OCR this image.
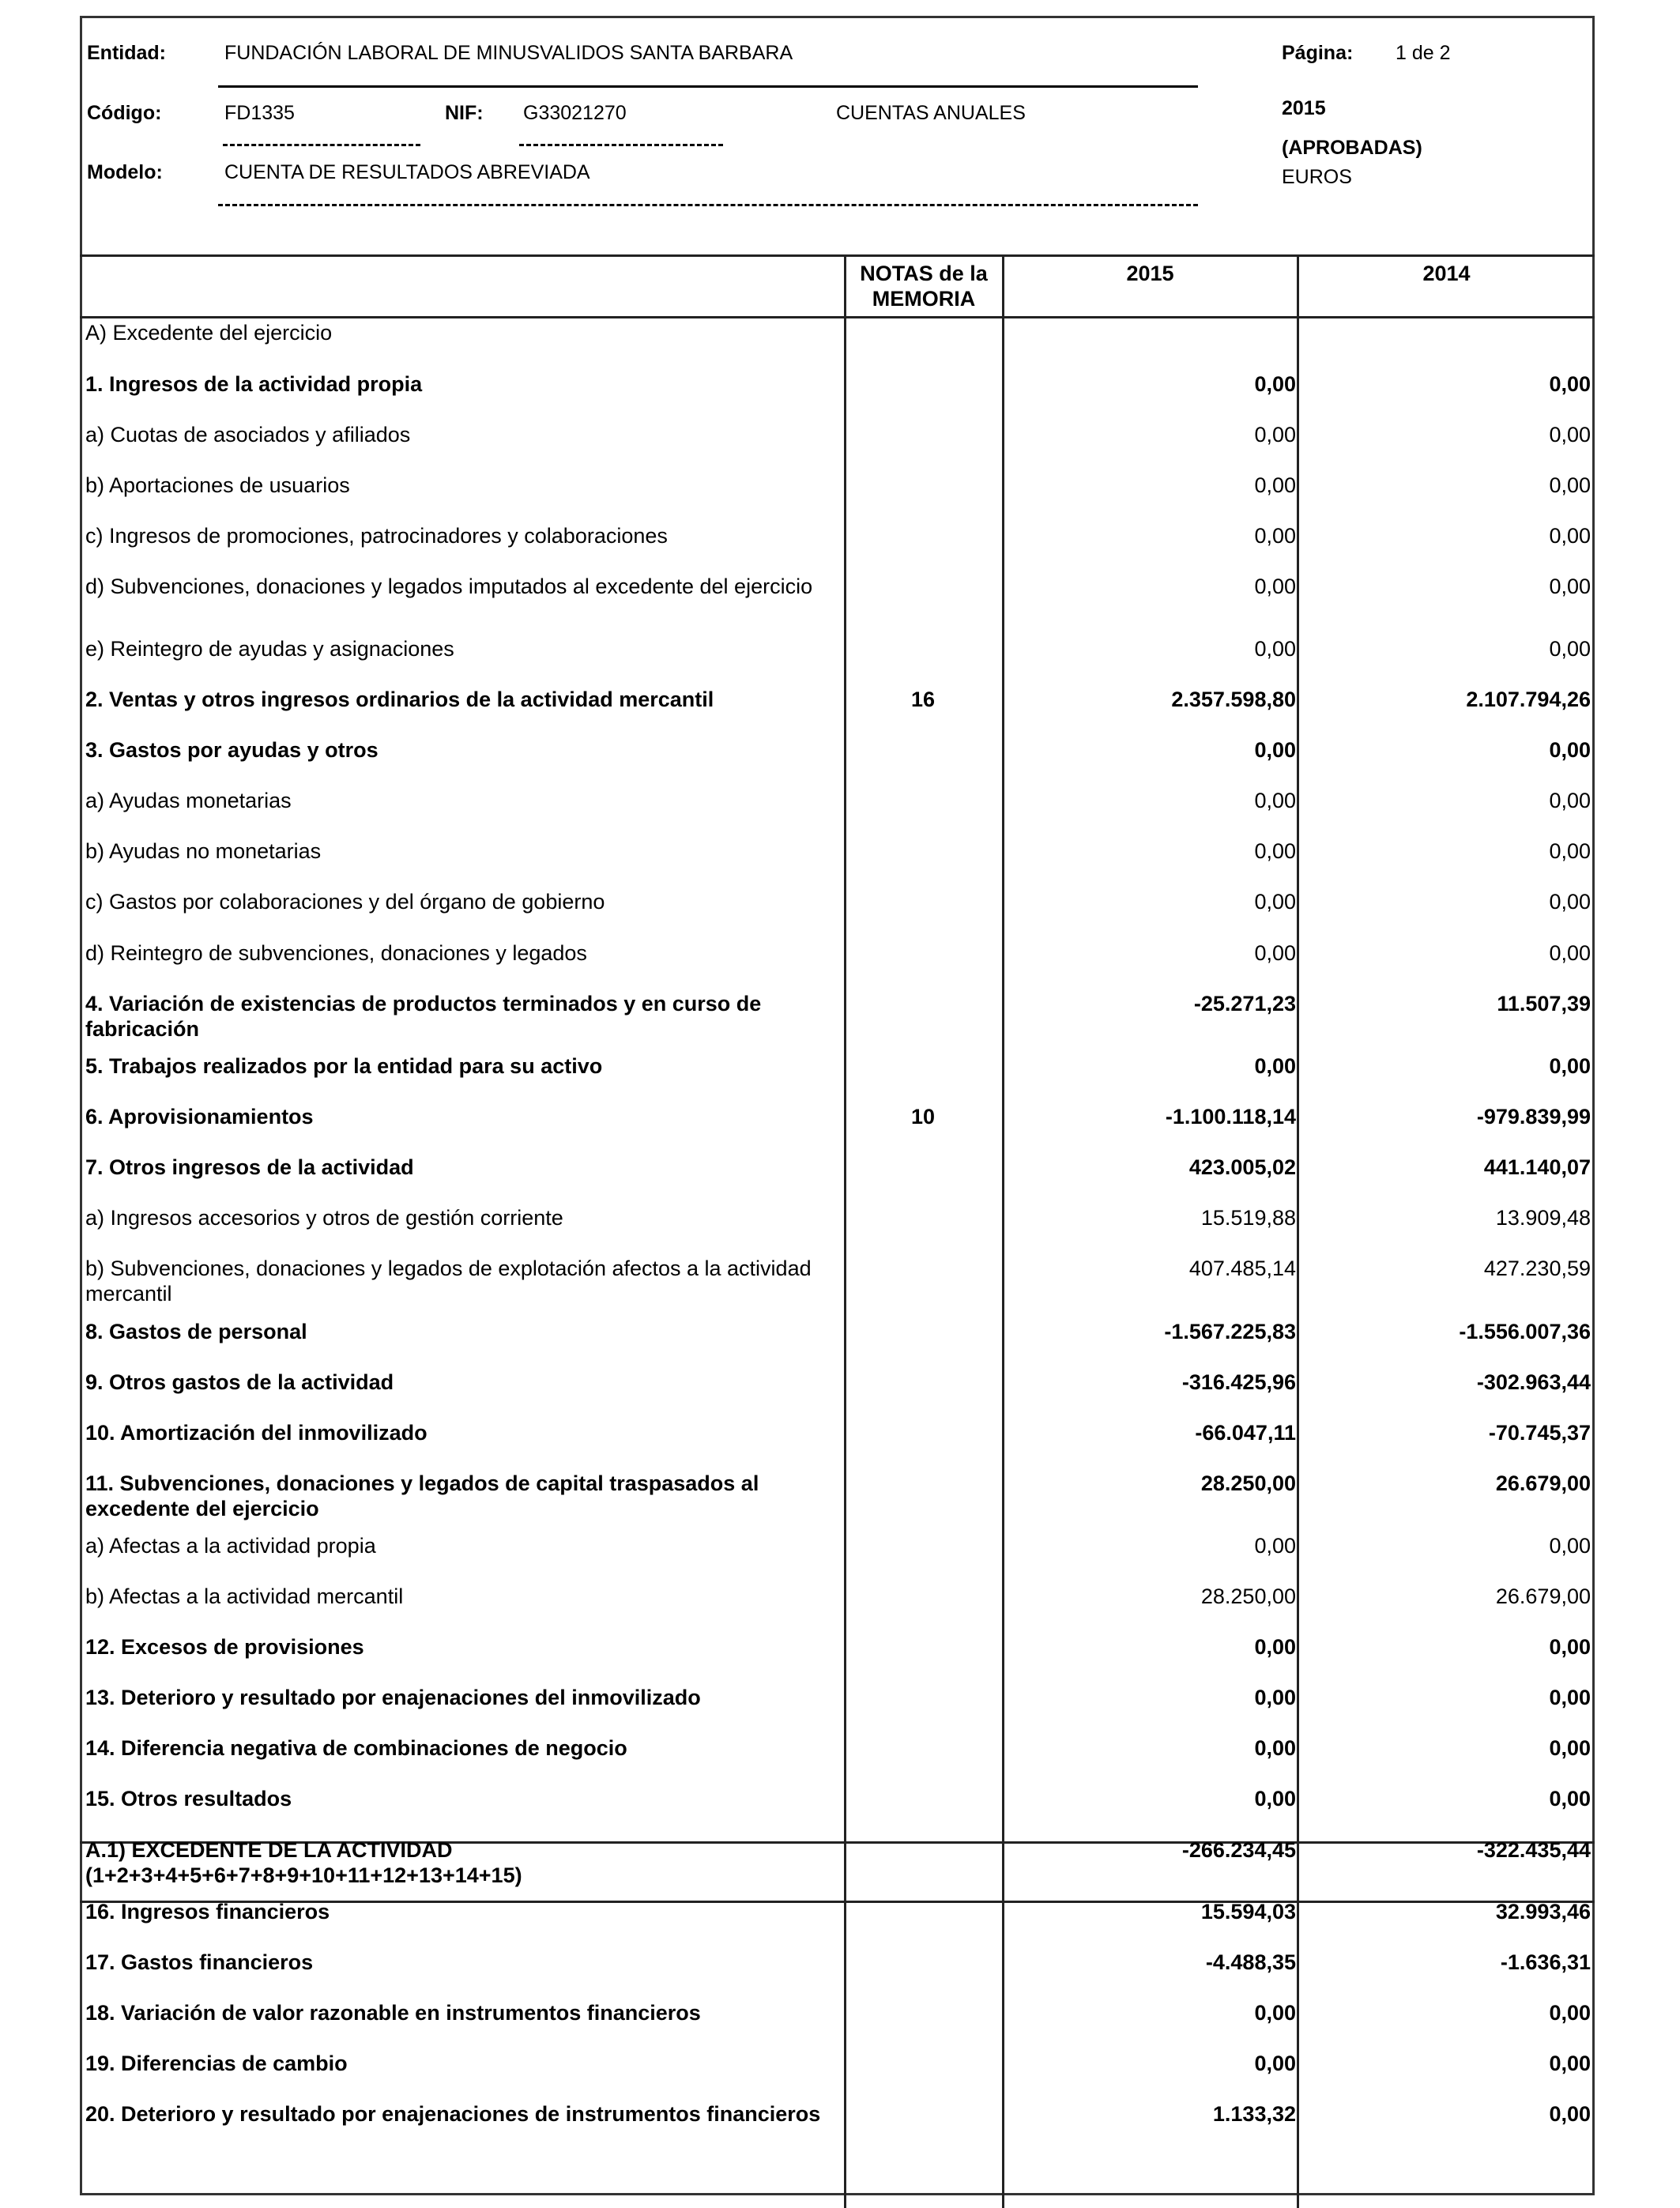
Entidad:	FUNDACIÓN LABORAL DE MINUSVALIDOS SANTA BARBARA	Página: 1 de 2
Código:	FD1335	NIF: G33021270	CUENTAS ANUALES	2015
(APROBADAS)
Modelo:	CUENTA DE RESULTADOS ABREVIADA	EUROS
NOTAS de la
MEMORIA
2015	2014
A) Excedente del ejercicio
1. Ingresos de la actividad propia	0,00	0,00
a) Cuotas de asociados y afiliados	0,00	0,00
b) Aportaciones de usuarios	0,00	0,00
c) Ingresos de promociones, patrocinadores y colaboraciones	0,00	0,00
d) Subvenciones, donaciones y legados imputados al excedente del ejercicio	0,00	0,00
e) Reintegro de ayudas y asignaciones	0,00	0,00
2. Ventas y otros ingresos ordinarios de la actividad mercantil	16	2.357.598,80	2.107.794,26
3. Gastos por ayudas y otros	0,00	0,00
a) Ayudas monetarias	0,00	0,00
b) Ayudas no monetarias	0,00	0,00
c) Gastos por colaboraciones y del órgano de gobierno	0,00	0,00
d) Reintegro de subvenciones, donaciones y legados	0,00	0,00
4. Variación de existencias de productos terminados y en curso de fabricación
-25.271,23	11.507,39
5. Trabajos realizados por la entidad para su activo	0,00	0,00
6. Aprovisionamientos	10	-1.100.118,14	-979.839,99
7. Otros ingresos de la actividad	423.005,02	441.140,07
a) Ingresos accesorios y otros de gestión corriente	15.519,88	13.909,48
b) Subvenciones, donaciones y legados de explotación afectos a la actividad mercantil
407.485,14	427.230,59
8. Gastos de personal	-1.567.225,83	-1.556.007,36
9. Otros gastos de la actividad	-316.425,96	-302.963,44
10. Amortización del inmovilizado	-66.047,11	-70.745,37
11. Subvenciones, donaciones y legados de capital traspasados al excedente del ejercicio
28.250,00	26.679,00
a) Afectas a la actividad propia	0,00	0,00
b) Afectas a la actividad mercantil	28.250,00	26.679,00
12. Excesos de provisiones	0,00	0,00
13. Deterioro y resultado por enajenaciones del inmovilizado	0,00	0,00
14. Diferencia negativa de combinaciones de negocio	0,00	0,00
15. Otros resultados	0,00	0,00
A.1) EXCEDENTE DE LA ACTIVIDAD (1+2+3+4+5+6+7+8+9+10+11+12+13+14+15)
-266.234,45	-322.435,44
16. Ingresos financieros	15.594,03	32.993,46
17. Gastos financieros	-4.488,35	-1.636,31
18. Variación de valor razonable en instrumentos financieros	0,00	0,00
19. Diferencias de cambio	0,00	0,00
20. Deterioro y resultado por enajenaciones de instrumentos financieros	1.133,32	0,00
